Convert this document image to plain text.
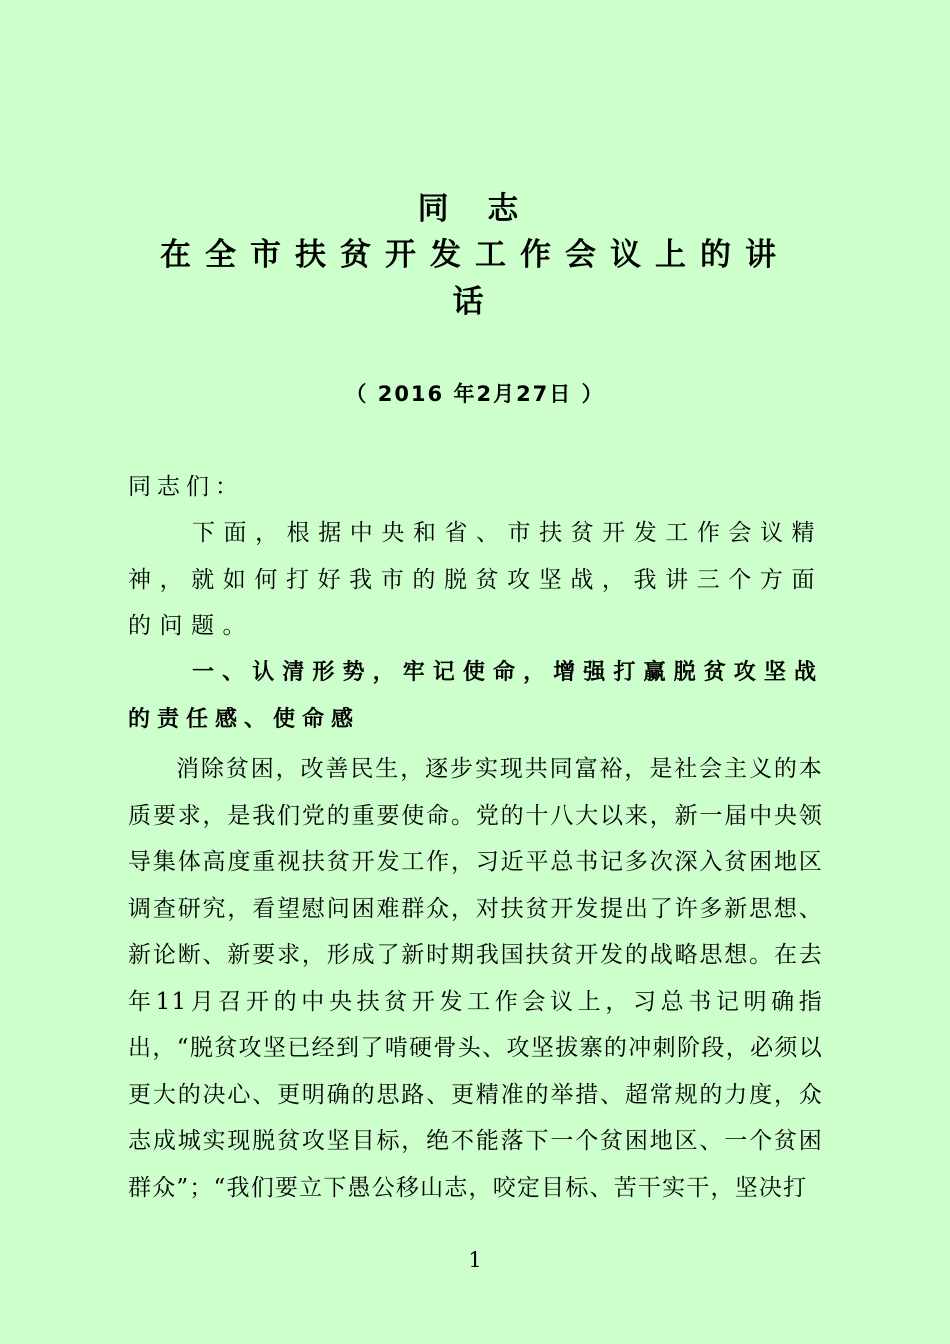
同 志
在全市扶贫开发工作会议上的讲
话
（ 2016 年2月27日 ）
同志们：
下面，根据中央和省、市扶贫开发工作会议精神，就如何打好我市的脱贫攻坚战，我讲三个方面的问题。
一、认清形势，牢记使命，增强打赢脱贫攻坚战的责任感、使命感
消除贫困，改善民生，逐步实现共同富裕，是社会主义的本质要求，是我们党的重要使命。党的十八大以来，新一届中央领导集体高度重视扶贫开发工作，习近平总书记多次深入贫困地区调查研究，看望慰问困难群众，对扶贫开发提出了许多新思想、新论断、新要求，形成了新时期我国扶贫开发的战略思想。在去年11月召开的中央扶贫开发工作会议上，习总书记明确指出，“脱贫攻坚已经到了啃硬骨头、攻坚拔寨的冲刺阶段，必须以更大的决心、更明确的思路、更精准的举措、超常规的力度，众志成城实现脱贫攻坚目标，绝不能落下一个贫困地区、一个贫困群众”；“我们要立下愚公移山志，咬定目标、苦干实干，坚决打
1
